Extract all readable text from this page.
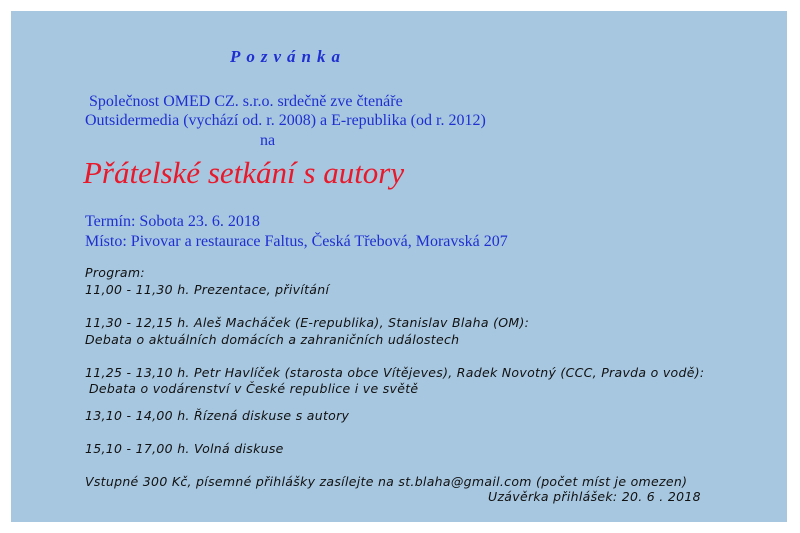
Pozvánka
Společnost OMED CZ. s.r.o. srdečně zve čtenáře
Outsidermedia (vychází od. r. 2008) a E-republika (od r. 2012)
na
Přátelské setkání s autory
Termín: Sobota 23. 6. 2018
Místo: Pivovar a restaurace Faltus, Česká Třebová, Moravská 207
Program:
11,00 - 11,30 h. Prezentace, přivítání
11,30 - 12,15 h. Aleš Macháček (E-republika), Stanislav Blaha (OM):
Debata o aktuálních domácích a zahraničních událostech
11,25 - 13,10 h. Petr Havlíček (starosta obce Vítějeves), Radek Novotný (CCC, Pravda o vodě):
Debata o vodárenství v České republice i ve světě
13,10 - 14,00 h. Řízená diskuse s autory
15,10 - 17,00 h. Volná diskuse
Vstupné 300 Kč, písemné přihlášky zasílejte na st.blaha@gmail.com (počet míst je omezen)
Uzávěrka přihlášek: 20. 6 . 2018
